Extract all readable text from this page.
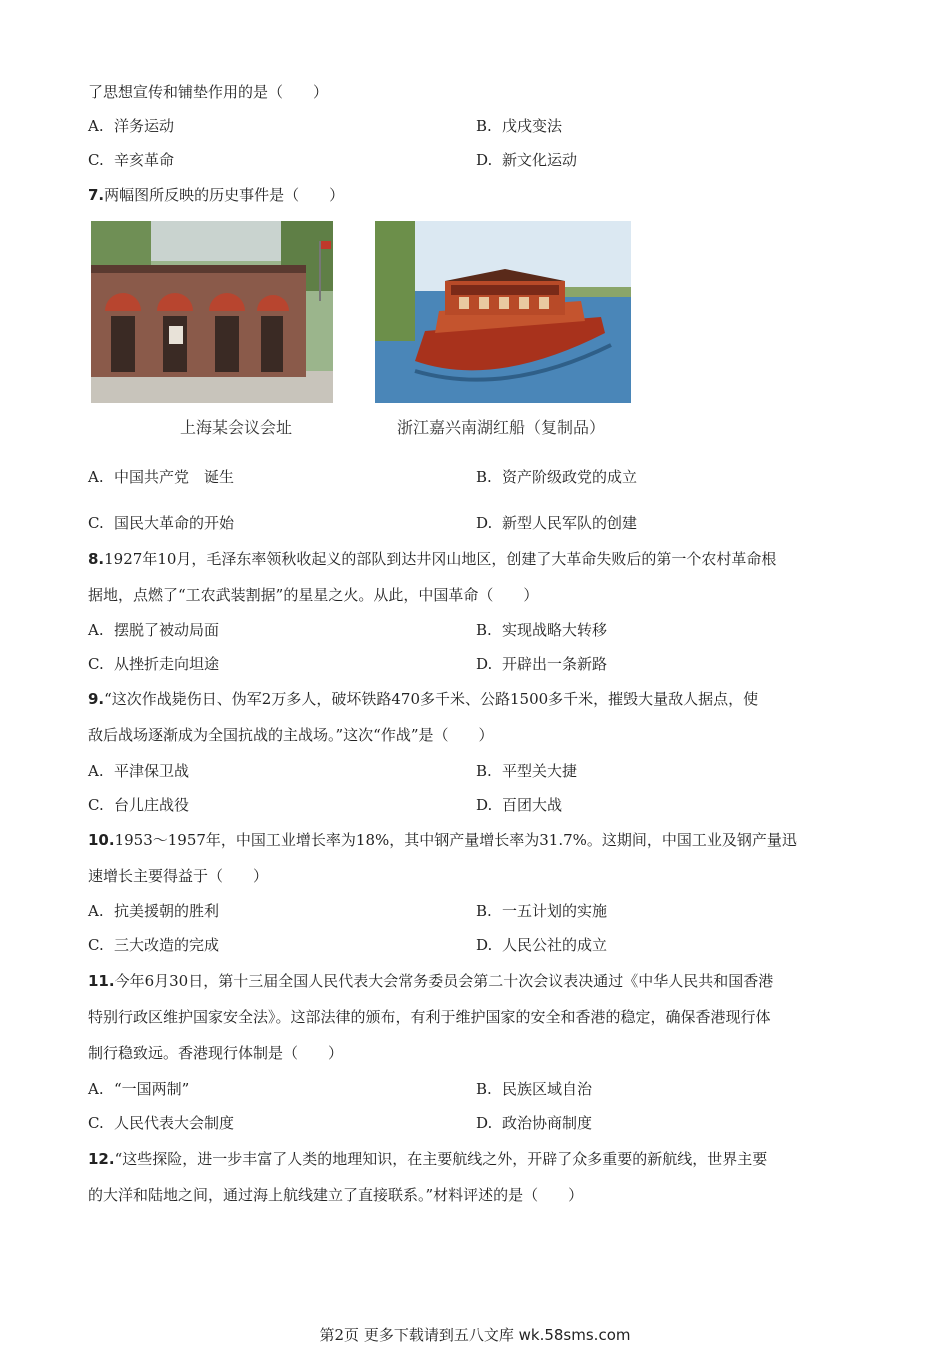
了思想宣传和铺垫作用的是（　　）
A. 洋务运动	B. 戊戌变法
C. 辛亥革命	D. 新文化运动
7.两幅图所反映的历史事件是（　　）
上海某会议会址	浙江嘉兴南湖红船（复制品）
A. 中国共产党　诞生	B. 资产阶级政党的成立
C. 国民大革命的开始	D. 新型人民军队的创建
8.1927年10月，毛泽东率领秋收起义的部队到达井冈山地区，创建了大革命失败后的第一个农村革命根
据地，点燃了“工农武装割据”的星星之火。从此，中国革命（　　）
A. 摆脱了被动局面	B. 实现战略大转移
C. 从挫折走向坦途	D. 开辟出一条新路
9.“这次作战毙伤日、伪军2万多人，破坏铁路470多千米、公路1500多千米，摧毁大量敌人据点，使
敌后战场逐渐成为全国抗战的主战场。”这次“作战”是（　　）
A. 平津保卫战	B. 平型关大捷
C. 台儿庄战役	D. 百团大战
10.1953～1957年，中国工业增长率为18%，其中钢产量增长率为31.7%。这期间，中国工业及钢产量迅
速增长主要得益于（　　）
A. 抗美援朝的胜利	B. 一五计划的实施
C. 三大改造的完成	D. 人民公社的成立
11.今年6月30日，第十三届全国人民代表大会常务委员会第二十次会议表决通过《中华人民共和国香港
特别行政区维护国家安全法》。这部法律的颁布，有利于维护国家的安全和香港的稳定，确保香港现行体
制行稳致远。香港现行体制是（　　）
A. “一国两制”	B. 民族区域自治
C. 人民代表大会制度	D. 政治协商制度
12.“这些探险，进一步丰富了人类的地理知识，在主要航线之外，开辟了众多重要的新航线，世界主要
的大洋和陆地之间，通过海上航线建立了直接联系。”材料评述的是（　　）
第2页 更多下载请到五八文库 wk.58sms.com
